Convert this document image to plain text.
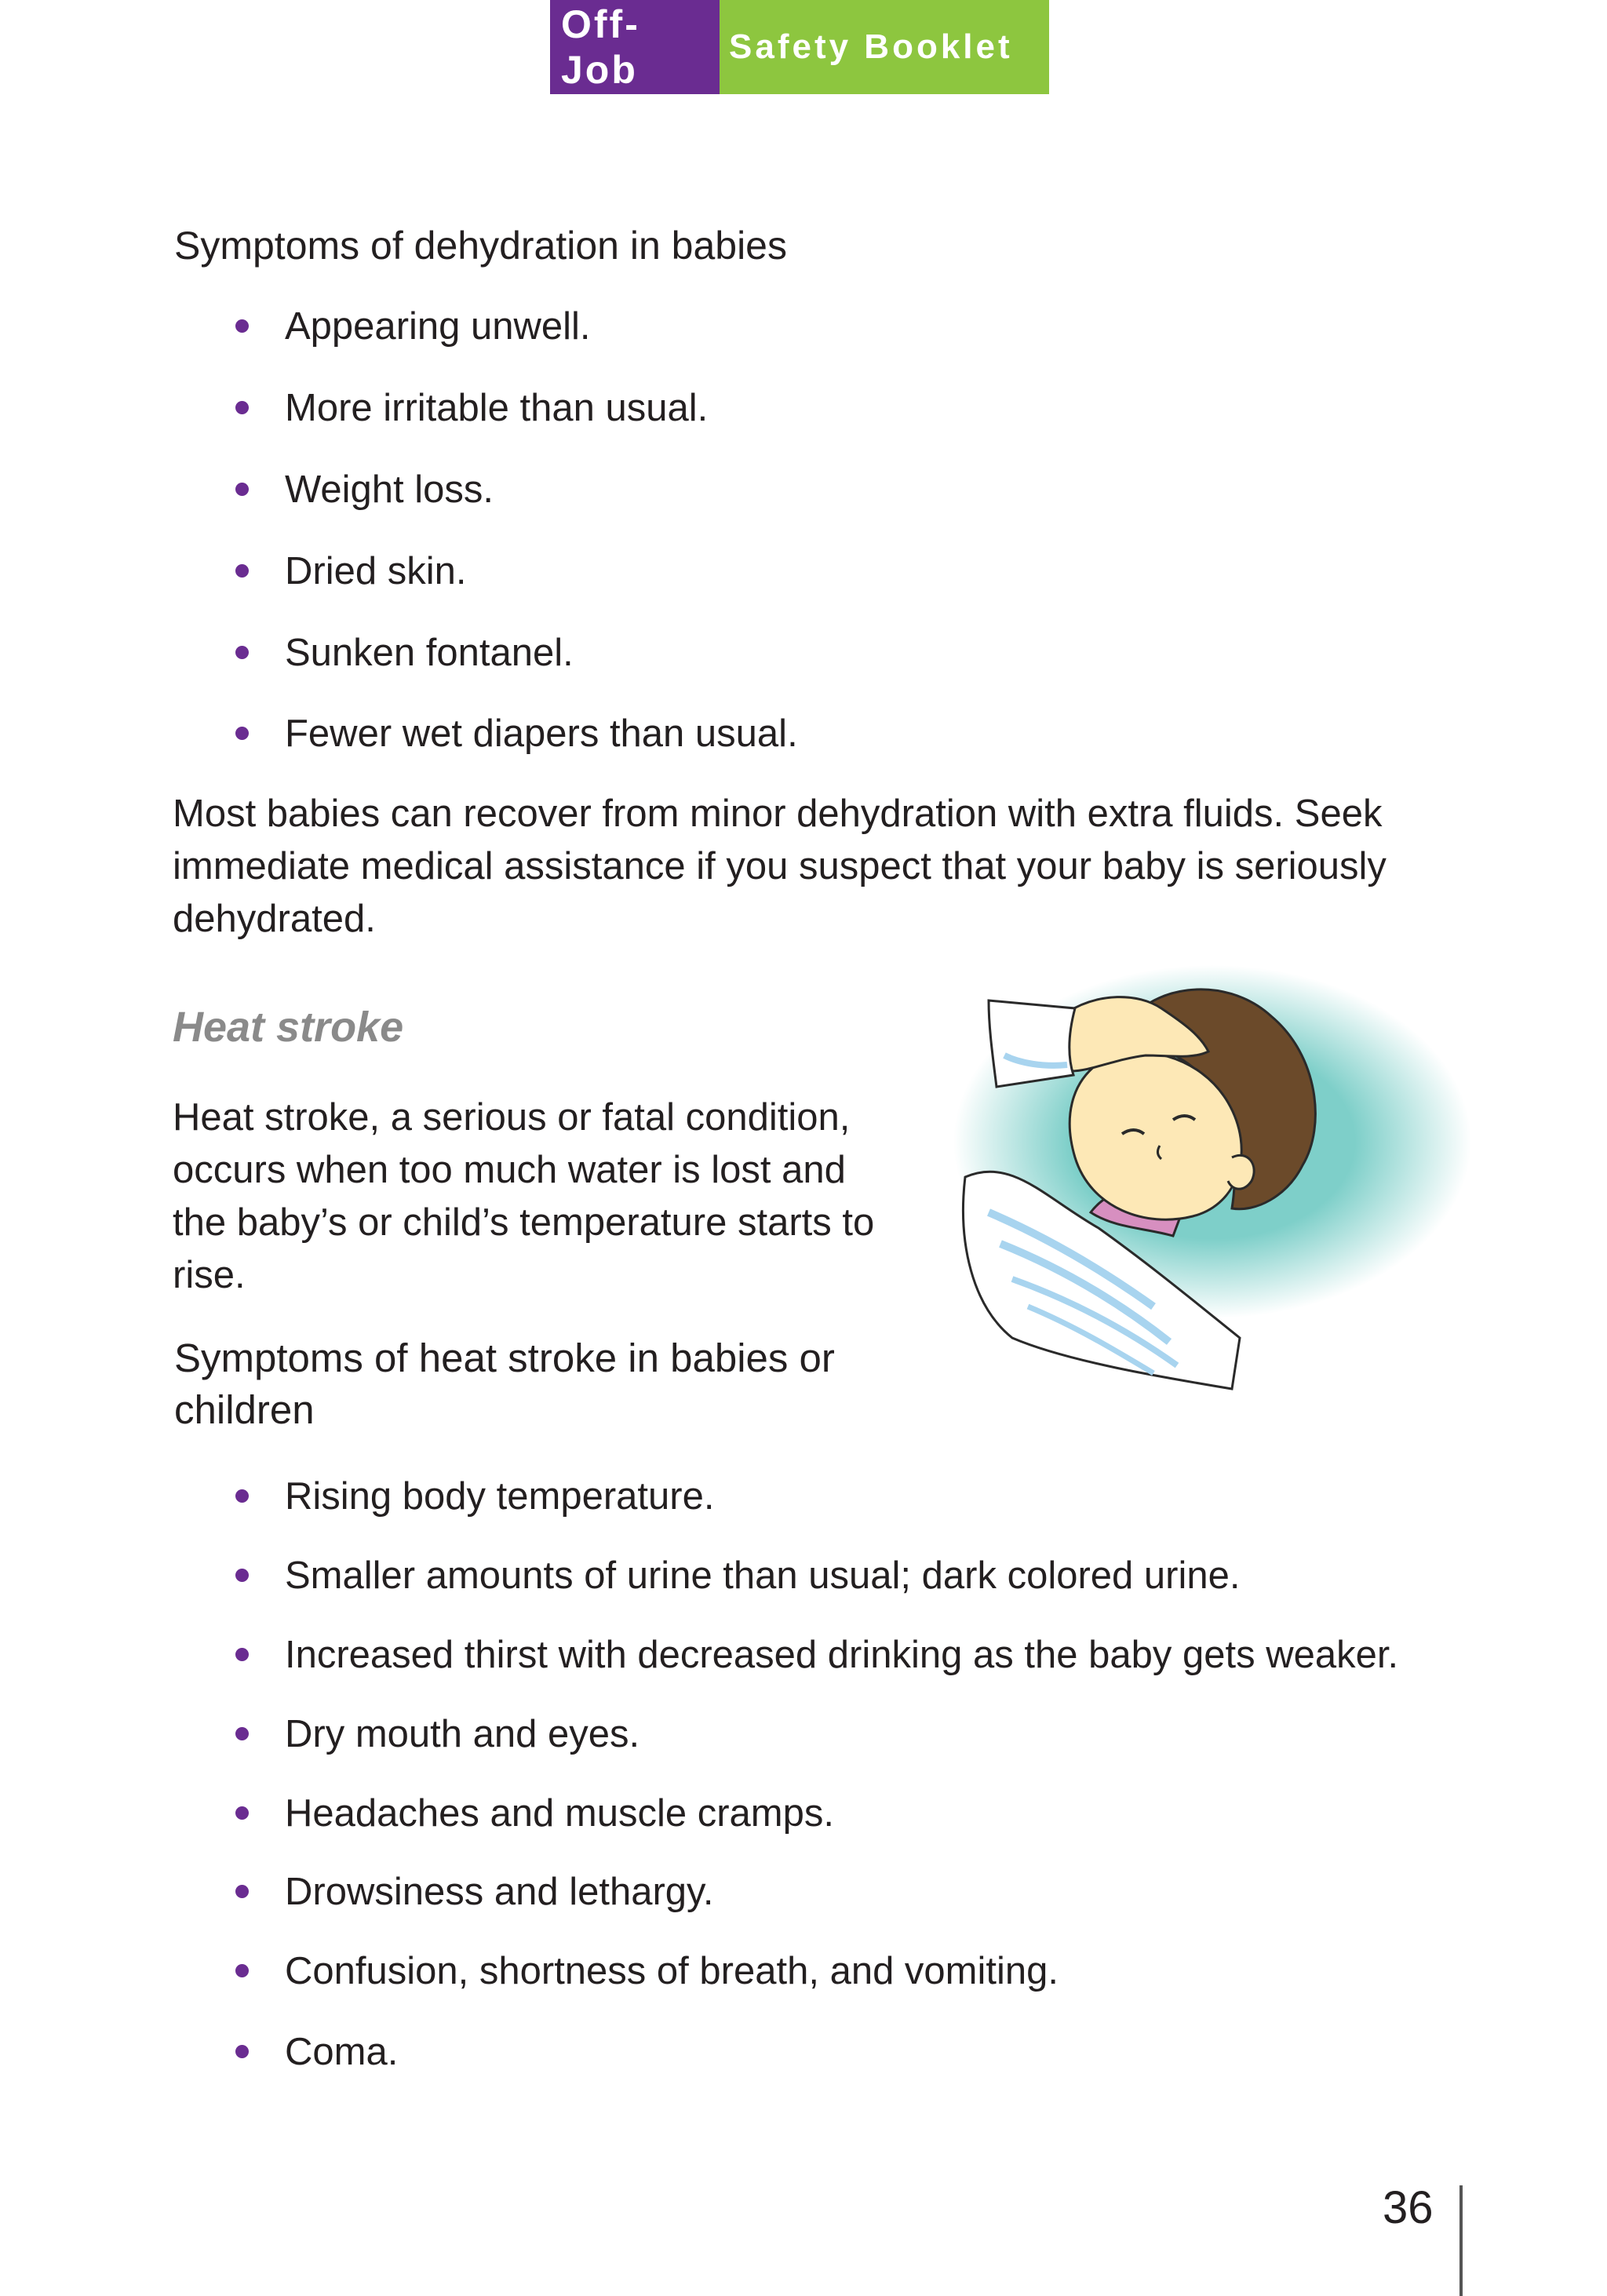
Off-Job
Safety Booklet
Symptoms of dehydration in babies
Appearing unwell.
More irritable than usual.
Weight loss.
Dried skin.
Sunken fontanel.
Fewer wet diapers than usual.
Most babies can recover from minor dehydration with extra fluids. Seek
immediate medical assistance if you suspect that your baby is seriously
dehydrated.
Heat stroke
Heat stroke, a serious or fatal condition,
occurs when too much water is lost and
the baby’s or child’s temperature starts to
rise.
Symptoms of heat stroke in babies or
children
Rising body temperature.
Smaller amounts of urine than usual; dark colored urine.
Increased thirst with decreased drinking as the baby gets weaker.
Dry mouth and eyes.
Headaches and muscle cramps.
Drowsiness and lethargy.
Confusion, shortness of breath, and vomiting.
Coma.
36
